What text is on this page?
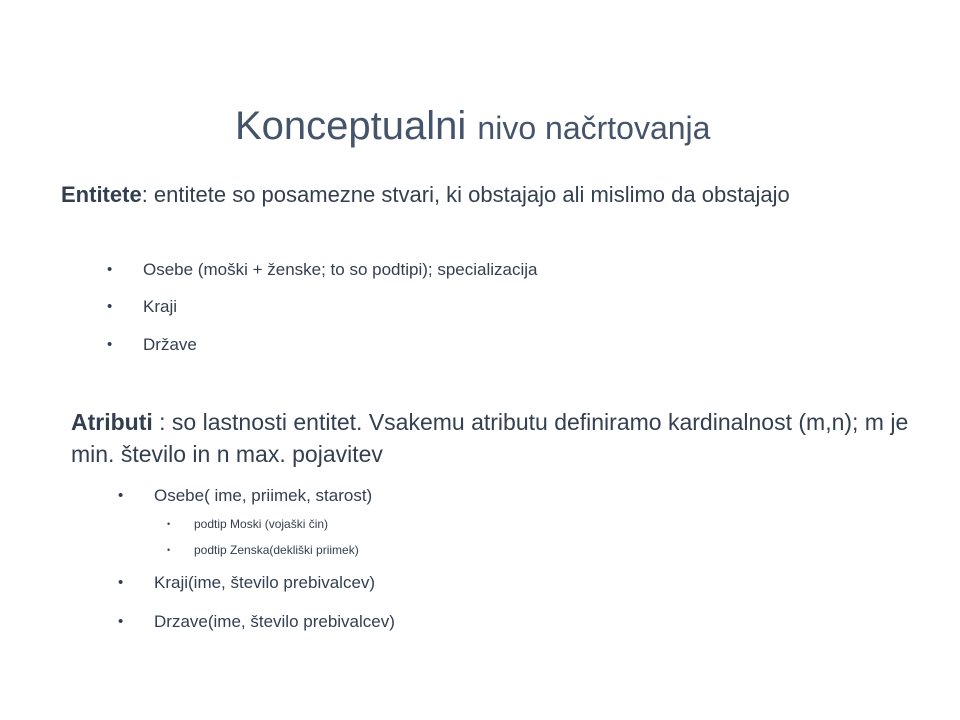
Konceptualni nivo načrtovanja

Entitete: entitete so posamezne stvari, ki obstajajo ali mislimo da obstajajo

• Osebe (moški + ženske; to so podtipi); specializacija
• Kraji
• Države

Atributi : so lastnosti entitet. Vsakemu atributu definiramo kardinalnost (m,n); m je min. število in n max. pojavitev

• Osebe( ime, priimek, starost)
• podtip Moski (vojaški čin)
• podtip Zenska(dekliški priimek)
• Kraji(ime, število prebivalcev)
• Drzave(ime, število prebivalcev)
